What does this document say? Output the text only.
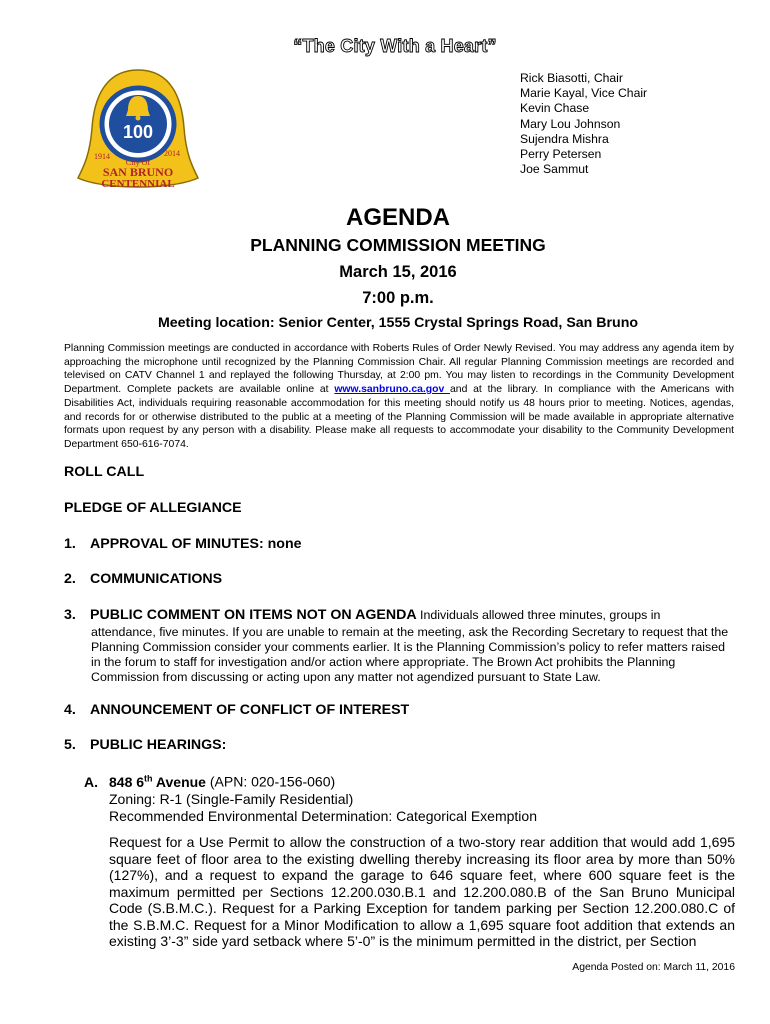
“The City With a Heart”
100
1914	2014
City Of
SAN BRUNO
CENTENNIAL
Rick Biasotti, Chair
Marie Kayal, Vice Chair
Kevin Chase
Mary Lou Johnson
Sujendra Mishra
Perry Petersen
Joe Sammut
AGENDA
PLANNING COMMISSION MEETING
March 15, 2016
7:00 p.m.
Meeting location: Senior Center, 1555 Crystal Springs Road, San Bruno
Planning Commission meetings are conducted in accordance with Roberts Rules of Order Newly Revised. You may address any agenda item by approaching the microphone until recognized by the Planning Commission Chair. All regular Planning Commission meetings are recorded and televised on CATV Channel 1 and replayed the following Thursday, at 2:00 pm. You may listen to recordings in the Community Development Department. Complete packets are available online at www.sanbruno.ca.gov and at the library. In compliance with the Americans with Disabilities Act, individuals requiring reasonable accommodation for this meeting should notify us 48 hours prior to meeting. Notices, agendas, and records for or otherwise distributed to the public at a meeting of the Planning Commission will be made available in appropriate alternative formats upon request by any person with a disability. Please make all requests to accommodate your disability to the Community Development Department 650-616-7074.
ROLL CALL
PLEDGE OF ALLEGIANCE
1. APPROVAL OF MINUTES: none
2. COMMUNICATIONS
3. PUBLIC COMMENT ON ITEMS NOT ON AGENDA Individuals allowed three minutes, groups in
attendance, five minutes. If you are unable to remain at the meeting, ask the Recording Secretary to request that the Planning Commission consider your comments earlier. It is the Planning Commission’s policy to refer matters raised in the forum to staff for investigation and/or action where appropriate. The Brown Act prohibits the Planning Commission from discussing or acting upon any matter not agendized pursuant to State Law.
4. ANNOUNCEMENT OF CONFLICT OF INTEREST
5. PUBLIC HEARINGS:
A. 848 6th Avenue (APN: 020-156-060)
Zoning: R-1 (Single-Family Residential)
Recommended Environmental Determination: Categorical Exemption
Request for a Use Permit to allow the construction of a two-story rear addition that would add 1,695 square feet of floor area to the existing dwelling thereby increasing its floor area by more than 50% (127%), and a request to expand the garage to 646 square feet, where 600 square feet is the maximum permitted per Sections 12.200.030.B.1 and 12.200.080.B of the San Bruno Municipal Code (S.B.M.C.). Request for a Parking Exception for tandem parking per Section 12.200.080.C of the S.B.M.C. Request for a Minor Modification to allow a 1,695 square foot addition that extends an existing 3’-3” side yard setback where 5’-0” is the minimum permitted in the district, per Section
Agenda Posted on: March 11, 2016
